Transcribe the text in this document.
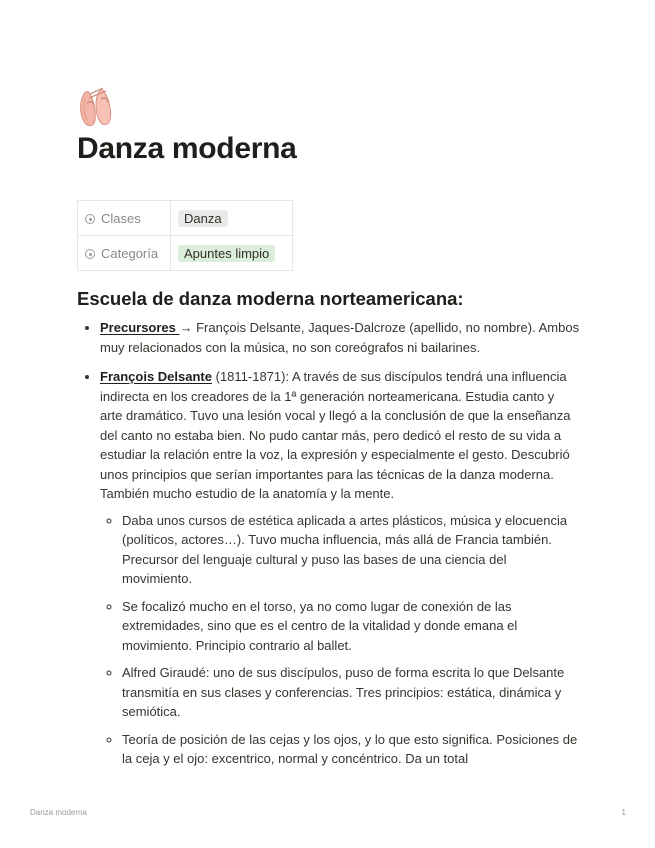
Danza moderna
Clases	Danza
Categoría	Apuntes limpio
Escuela de danza moderna norteamericana:
• Precursores → François Delsante, Jaques-Dalcroze (apellido, no nombre). Ambos muy relacionados con la música, no son coreógrafos ni bailarines.
• François Delsante (1811-1871): A través de sus discípulos tendrá una influencia indirecta en los creadores de la 1ª generación norteamericana. Estudia canto y arte dramático. Tuvo una lesión vocal y llegó a la conclusión de que la enseñanza del canto no estaba bien. No pudo cantar más, pero dedicó el resto de su vida a estudiar la relación entre la voz, la expresión y especialmente el gesto. Descubrió unos principios que serían importantes para las técnicas de la danza moderna. También mucho estudio de la anatomía y la mente.
◦ Daba unos cursos de estética aplicada a artes plásticos, música y elocuencia (políticos, actores…). Tuvo mucha influencia, más allá de Francia también. Precursor del lenguaje cultural y puso las bases de una ciencia del movimiento.
◦ Se focalizó mucho en el torso, ya no como lugar de conexión de las extremidades, sino que es el centro de la vitalidad y donde emana el movimiento. Principio contrario al ballet.
◦ Alfred Giraudé: uno de sus discípulos, puso de forma escrita lo que Delsante transmitía en sus clases y conferencias. Tres principios: estática, dinámica y semiótica.
◦ Teoría de posición de las cejas y los ojos, y lo que esto significa. Posiciones de la ceja y el ojo: excentrico, normal y concéntrico. Da un total
Danza moderna	1
